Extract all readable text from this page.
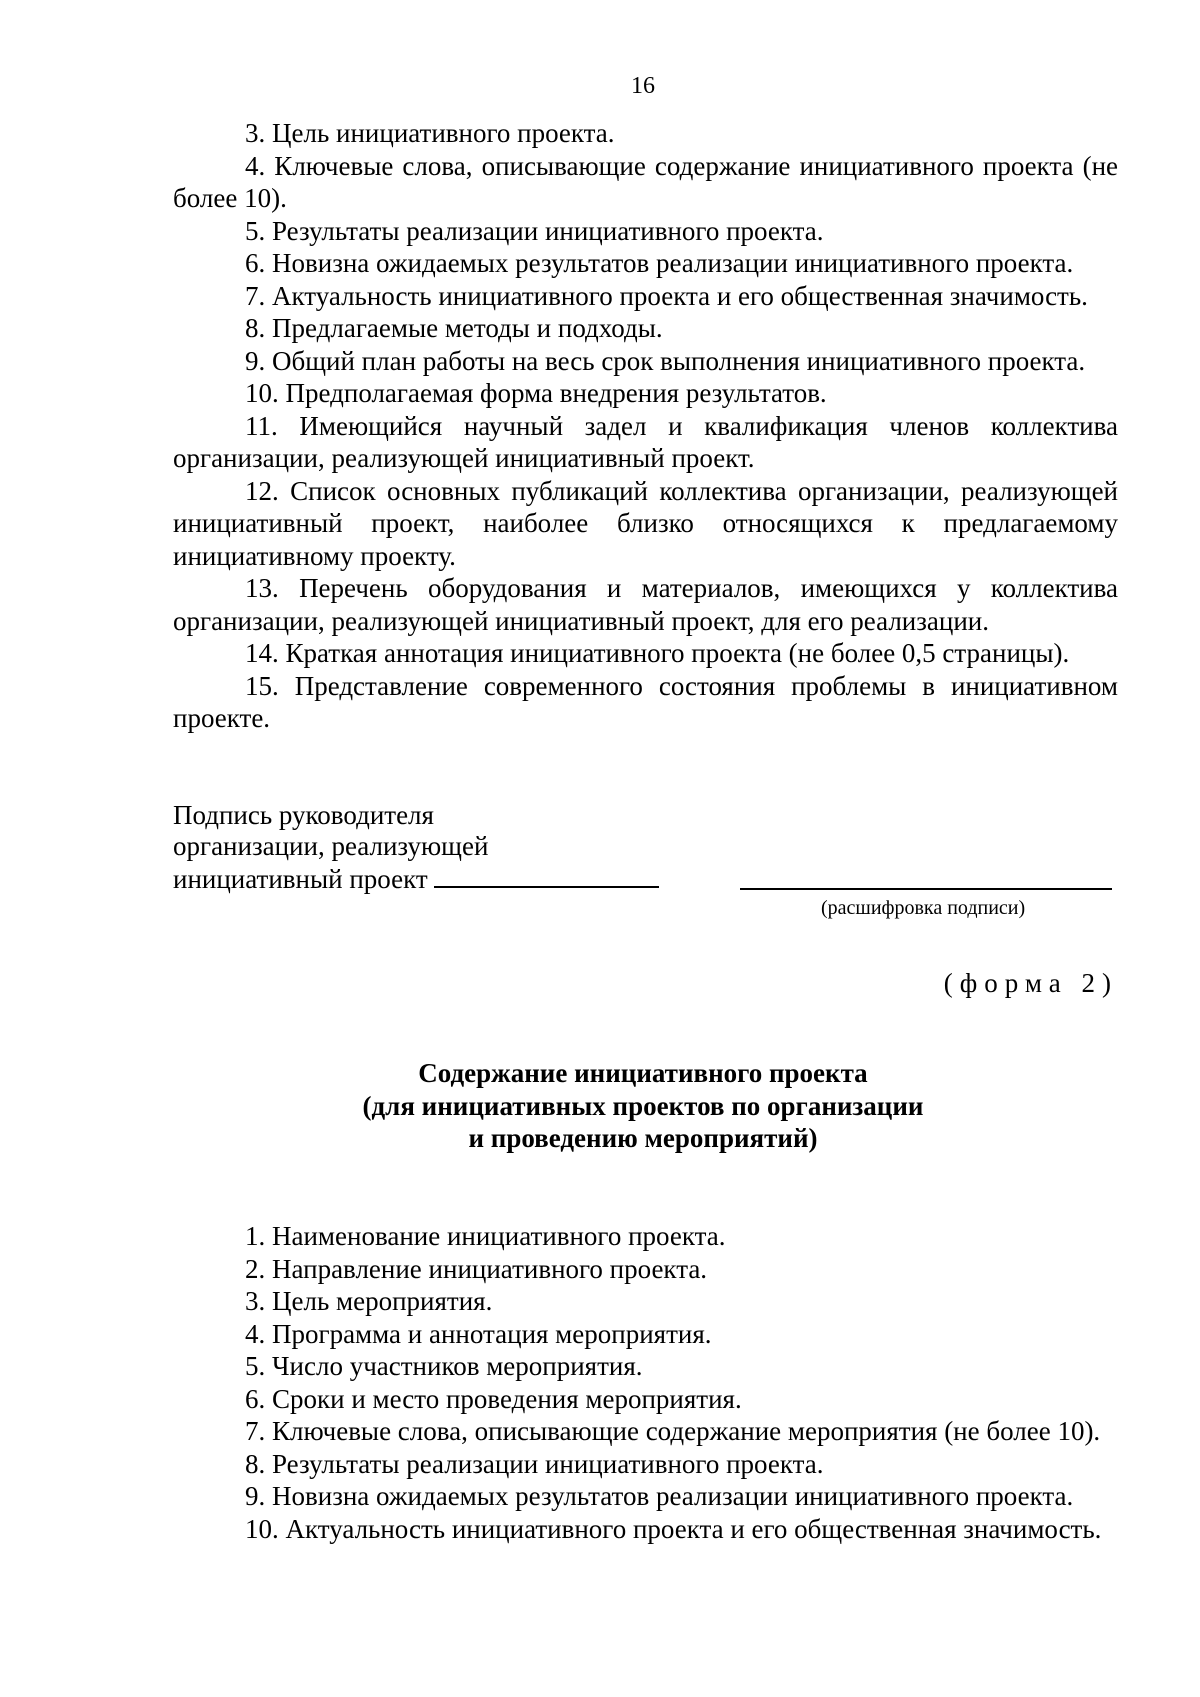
16

3. Цель инициативного проекта.

4. Ключевые слова, описывающие содержание инициативного проекта (не более 10).

5. Результаты реализации инициативного проекта.

6. Новизна ожидаемых результатов реализации инициативного проекта.

7. Актуальность инициативного проекта и его общественная значимость.

8. Предлагаемые методы и подходы.

9. Общий план работы на весь срок выполнения инициативного проекта.

10. Предполагаемая форма внедрения результатов.

11. Имеющийся научный задел и квалификация членов коллектива организации, реализующей инициативный проект.

12. Список основных публикаций коллектива организации, реализующей инициативный проект, наиболее близко относящихся к предлагаемому инициативному проекту.

13. Перечень оборудования и материалов, имеющихся у коллектива организации, реализующей инициативный проект, для его реализации.

14. Краткая аннотация инициативного проекта (не более 0,5 страницы).

15. Представление современного состояния проблемы в инициативном проекте.

Подпись руководителя
организации, реализующей
инициативный проект
(расшифровка подписи)
(форма 2)
Содержание инициативного проекта
(для инициативных проектов по организации
и проведению мероприятий)

1. Наименование инициативного проекта.

2. Направление инициативного проекта.

3. Цель мероприятия.

4. Программа и аннотация мероприятия.

5. Число участников мероприятия.

6. Сроки и место проведения мероприятия.

7. Ключевые слова, описывающие содержание мероприятия (не более 10).

8. Результаты реализации инициативного проекта.

9. Новизна ожидаемых результатов реализации инициативного проекта.

10. Актуальность инициативного проекта и его общественная значимость.
